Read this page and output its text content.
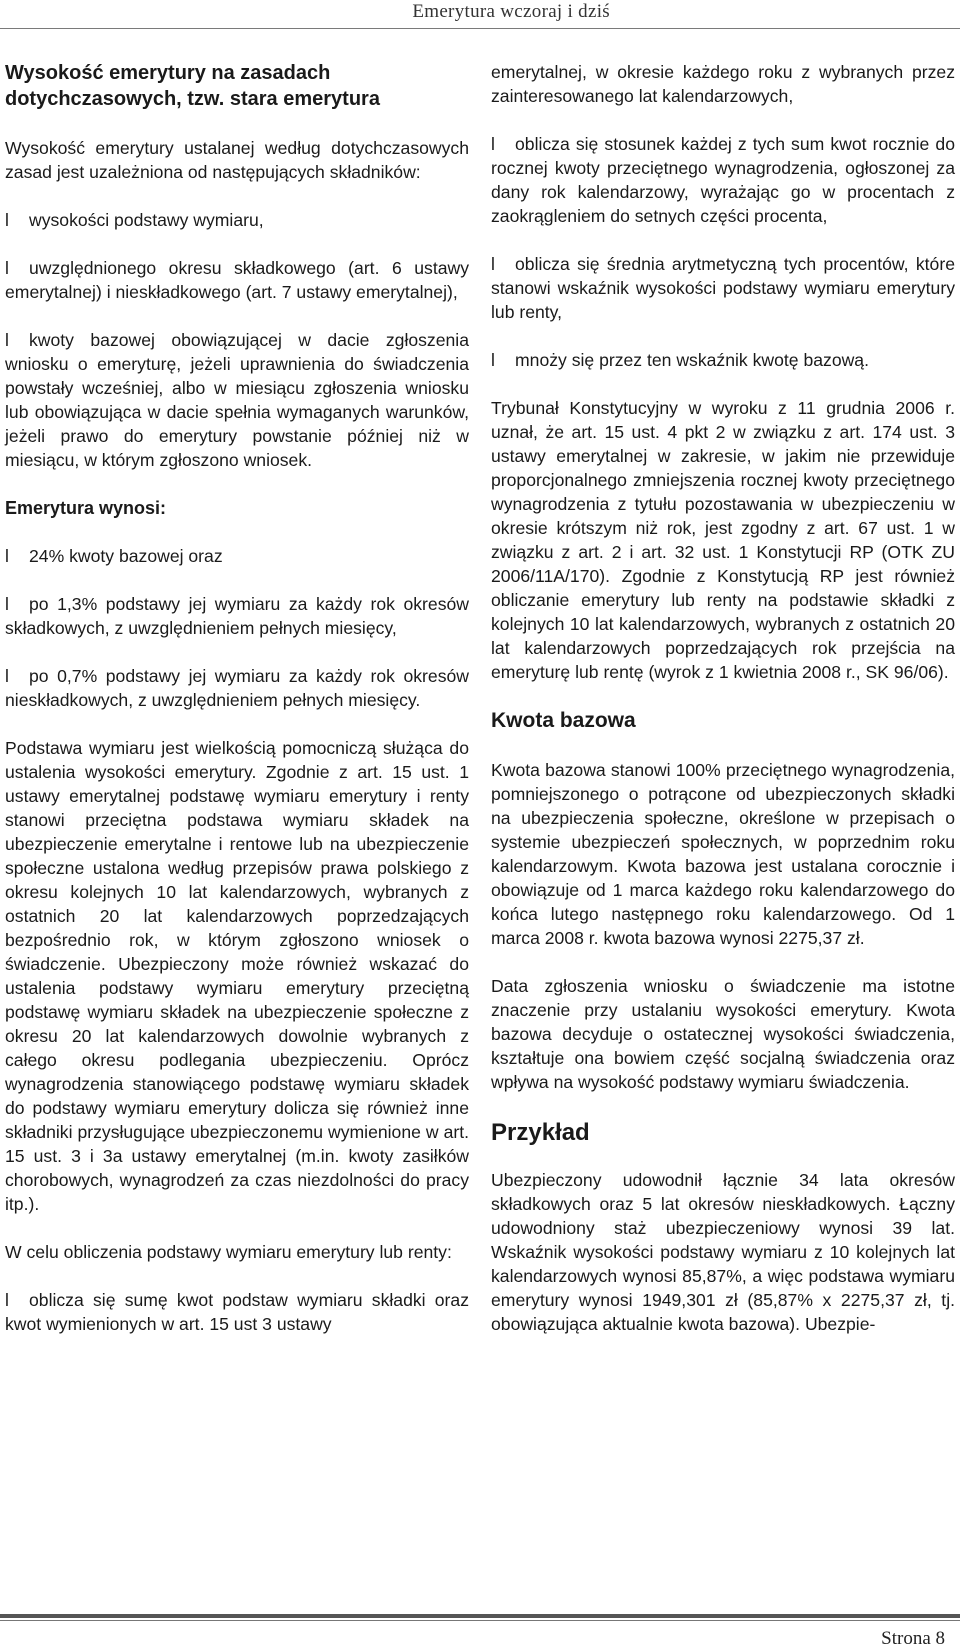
Emerytura wczoraj i dziś
Wysokość emerytury na zasadach dotychczasowych, tzw. stara emerytura

Wysokość emerytury ustalanej według dotychczasowych zasad jest uzależniona od następujących składników:

l wysokości podstawy wymiaru,

l uwzględnionego okresu składkowego (art. 6 ustawy emerytalnej) i nieskładkowego (art. 7 ustawy emerytalnej),

l kwoty bazowej obowiązującej w dacie zgłoszenia wniosku o emeryturę, jeżeli uprawnienia do świadczenia powstały wcześniej, albo w miesiącu zgłoszenia wniosku lub obowiązująca w dacie spełnia wymaganych warunków, jeżeli prawo do emerytury powstanie później niż w miesiącu, w którym zgłoszono wniosek.

Emerytura wynosi:

l 24% kwoty bazowej oraz

l po 1,3% podstawy jej wymiaru za każdy rok okresów składkowych, z uwzględnieniem pełnych miesięcy,

l po 0,7% podstawy jej wymiaru za każdy rok okresów nieskładkowych, z uwzględnieniem pełnych miesięcy.

Podstawa wymiaru jest wielkością pomocniczą służąca do ustalenia wysokości emerytury. Zgodnie z art. 15 ust. 1 ustawy emerytalnej podstawę wymiaru emerytury i renty stanowi przeciętna podstawa wymiaru składek na ubezpieczenie emerytalne i rentowe lub na ubezpieczenie społeczne ustalona według przepisów prawa polskiego z okresu kolejnych 10 lat kalendarzowych, wybranych z ostatnich 20 lat kalendarzowych poprzedzających bezpośrednio rok, w którym zgłoszono wniosek o świadczenie. Ubezpieczony może również wskazać do ustalenia podstawy wymiaru emerytury przeciętną podstawę wymiaru składek na ubezpieczenie społeczne z okresu 20 lat kalendarzowych dowolnie wybranych z całego okresu podlegania ubezpieczeniu. Oprócz wynagrodzenia stanowiącego podstawę wymiaru składek do podstawy wymiaru emerytury dolicza się również inne składniki przysługujące ubezpieczonemu wymienione w art. 15 ust. 3 i 3a ustawy emerytalnej (m.in. kwoty zasiłków chorobowych, wynagrodzeń za czas niezdolności do pracy itp.).

W celu obliczenia podstawy wymiaru emerytury lub renty:

l oblicza się sumę kwot podstaw wymiaru składki oraz kwot wymienionych w art. 15 ust 3 ustawy

emerytalnej, w okresie każdego roku z wybranych przez zainteresowanego lat kalendarzowych,

l oblicza się stosunek każdej z tych sum kwot rocznie do rocznej kwoty przeciętnego wynagrodzenia, ogłoszonej za dany rok kalendarzowy, wyrażając go w procentach z zaokrągleniem do setnych części procenta,

l oblicza się średnia arytmetyczną tych procentów, które stanowi wskaźnik wysokości podstawy wymiaru emerytury lub renty,

l mnoży się przez ten wskaźnik kwotę bazową.

Trybunał Konstytucyjny w wyroku z 11 grudnia 2006 r. uznał, że art. 15 ust. 4 pkt 2 w związku z art. 174 ust. 3 ustawy emerytalnej w zakresie, w jakim nie przewiduje proporcjonalnego zmniejszenia rocznej kwoty przeciętnego wynagrodzenia z tytułu pozostawania w ubezpieczeniu w okresie krótszym niż rok, jest zgodny z art. 67 ust. 1 w związku z art. 2 i art. 32 ust. 1 Konstytucji RP (OTK ZU 2006/11A/170). Zgodnie z Konstytucją RP jest również obliczanie emerytury lub renty na podstawie składki z kolejnych 10 lat kalendarzowych, wybranych z ostatnich 20 lat kalendarzowych poprzedzających rok przejścia na emeryturę lub rentę (wyrok z 1 kwietnia 2008 r., SK 96/06).

Kwota bazowa

Kwota bazowa stanowi 100% przeciętnego wynagrodzenia, pomniejszonego o potrącone od ubezpieczonych składki na ubezpieczenia społeczne, określone w przepisach o systemie ubezpieczeń społecznych, w poprzednim roku kalendarzowym. Kwota bazowa jest ustalana corocznie i obowiązuje od 1 marca każdego roku kalendarzowego do końca lutego następnego roku kalendarzowego. Od 1 marca 2008 r. kwota bazowa wynosi 2275,37 zł.

Data zgłoszenia wniosku o świadczenie ma istotne znaczenie przy ustalaniu wysokości emerytury. Kwota bazowa decyduje o ostatecznej wysokości świadczenia, kształtuje ona bowiem część socjalną świadczenia oraz wpływa na wysokość podstawy wymiaru świadczenia.

Przykład

Ubezpieczony udowodnił łącznie 34 lata okresów składkowych oraz 5 lat okresów nieskładkowych. Łączny udowodniony staż ubezpieczeniowy wynosi 39 lat. Wskaźnik wysokości podstawy wymiaru z 10 kolejnych lat kalendarzowych wynosi 85,87%, a więc podstawa wymiaru emerytury wynosi 1949,301 zł (85,87% x 2275,37 zł, tj. obowiązująca aktualnie kwota bazowa). Ubezpie-

Strona 8
